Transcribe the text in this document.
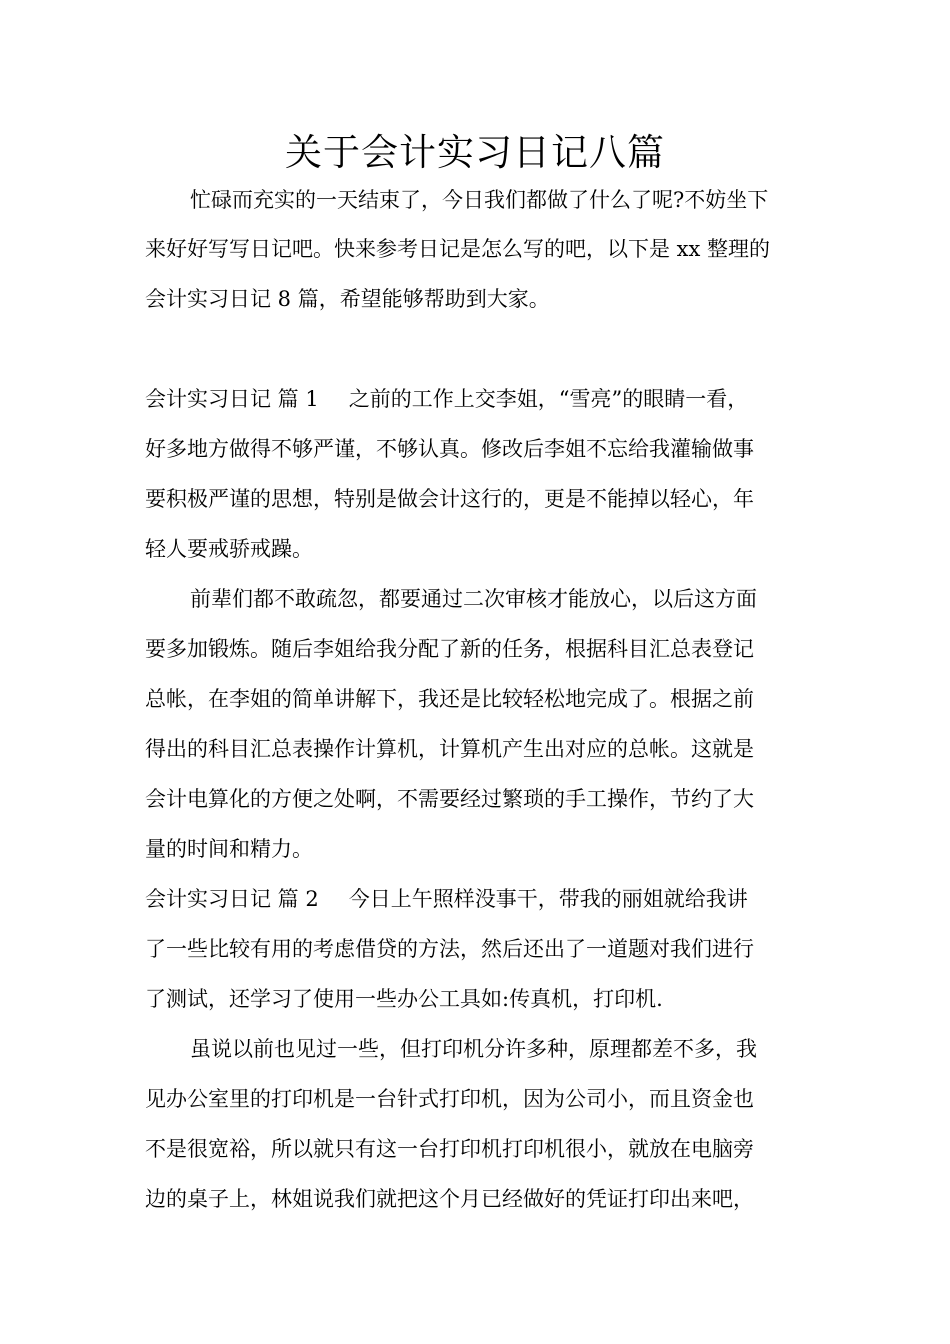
关于会计实习日记八篇
忙碌而充实的一天结束了，今日我们都做了什么了呢?不妨坐下
来好好写写日记吧。快来参考日记是怎么写的吧，以下是 xx 整理的
会计实习日记 8 篇，希望能够帮助到大家。
会计实习日记 篇 1 之前的工作上交李姐，“雪亮”的眼睛一看，
好多地方做得不够严谨，不够认真。修改后李姐不忘给我灌输做事
要积极严谨的思想，特别是做会计这行的，更是不能掉以轻心，年
轻人要戒骄戒躁。
前辈们都不敢疏忽，都要通过二次审核才能放心，以后这方面
要多加锻炼。随后李姐给我分配了新的任务，根据科目汇总表登记
总帐，在李姐的简单讲解下，我还是比较轻松地完成了。根据之前
得出的科目汇总表操作计算机，计算机产生出对应的总帐。这就是
会计电算化的方便之处啊，不需要经过繁琐的手工操作，节约了大
量的时间和精力。
会计实习日记 篇 2 今日上午照样没事干，带我的丽姐就给我讲
了一些比较有用的考虑借贷的方法，然后还出了一道题对我们进行
了测试，还学习了使用一些办公工具如:传真机，打印机.
虽说以前也见过一些，但打印机分许多种，原理都差不多，我
见办公室里的打印机是一台针式打印机，因为公司小，而且资金也
不是很宽裕，所以就只有这一台打印机打印机很小，就放在电脑旁
边的桌子上，林姐说我们就把这个月已经做好的凭证打印出来吧，
